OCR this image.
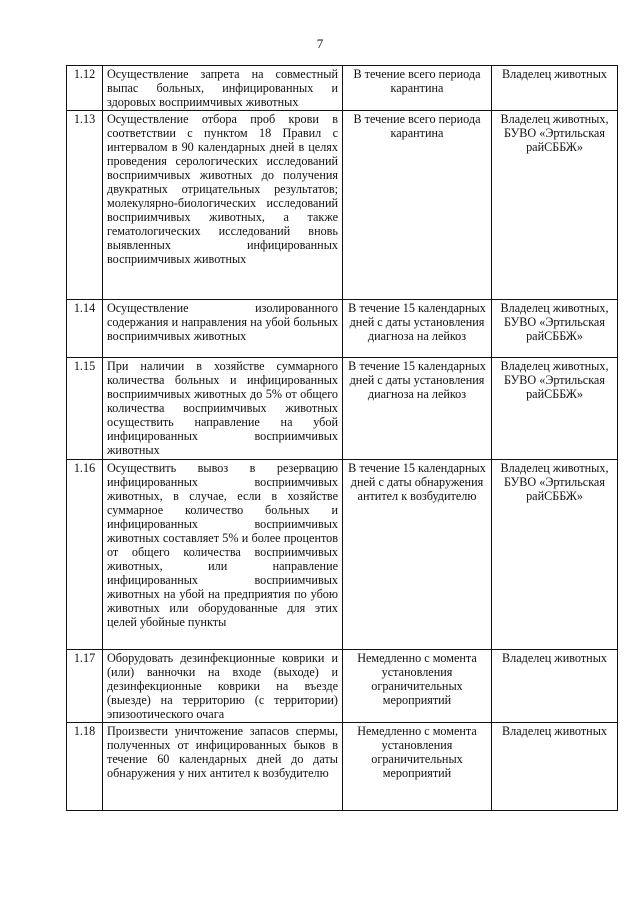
7
1.12	Осуществление запрета на совместный выпас больных, инфицированных и здоровых восприимчивых животных	В течение всего периода карантина	Владелец животных
1.13	Осуществление отбора проб крови в соответствии с пунктом 18 Правил с интервалом в 90 календарных дней в целях проведения серологических исследований восприимчивых животных до получения двукратных отрицательных результатов; молекулярно-биологических исследований восприимчивых животных, а также гематологических исследований вновь выявленных инфицированных восприимчивых животных	В течение всего периода карантина	Владелец животных, БУВО «Эртильская райСББЖ»
1.14	Осуществление изолированного содержания и направления на убой больных восприимчивых животных	В течение 15 календарных дней с даты установления диагноза на лейкоз	Владелец животных, БУВО «Эртильская райСББЖ»
1.15	При наличии в хозяйстве суммарного количества больных и инфицированных восприимчивых животных до 5% от общего количества восприимчивых животных осуществить направление на убой инфицированных восприимчивых животных	В течение 15 календарных дней с даты установления диагноза на лейкоз	Владелец животных, БУВО «Эртильская райСББЖ»
1.16	Осуществить вывоз в резервацию инфицированных восприимчивых животных, в случае, если в хозяйстве суммарное количество больных и инфицированных восприимчивых животных составляет 5% и более процентов от общего количества восприимчивых животных, или направление инфицированных восприимчивых животных на убой на предприятия по убою животных или оборудованные для этих целей убойные пункты	В течение 15 календарных дней с даты обнаружения антител к возбудителю	Владелец животных, БУВО «Эртильская райСББЖ»
1.17	Оборудовать дезинфекционные коврики и (или) ванночки на входе (выходе) и дезинфекционные коврики на въезде (выезде) на территорию (с территории) эпизоотического очага	Немедленно с момента установления ограничительных мероприятий	Владелец животных
1.18	Произвести уничтожение запасов спермы, полученных от инфицированных быков в течение 60 календарных дней до даты обнаружения у них антител к возбудителю	Немедленно с момента установления ограничительных мероприятий	Владелец животных
